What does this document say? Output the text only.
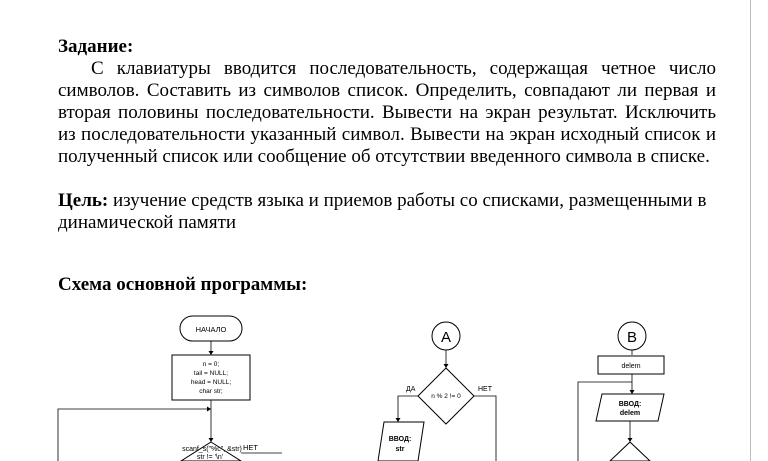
Задание:

С клавиатуры вводится последовательность, содержащая четное число символов. Составить из символов список. Определить, совпадают ли первая и вторая половины последовательности. Вывести на экран результат. Исключить из последовательности указанный символ. Вывести на экран исходный список и полученный список или сообщение об отсутствии введенного символа в списке.

Цель: изучение средств языка и приемов работы со списками, размещенными в динамической памяти

Схема основной программы:

НАЧАЛО
n = 0;
tail = NULL;
head = NULL;
char str;
scanf_s("%c", &str)
str != '\n'
НЕТ
A
n % 2 != 0
ДА	НЕТ
ВВОД:
str
B
delem
ВВОД:
delem
